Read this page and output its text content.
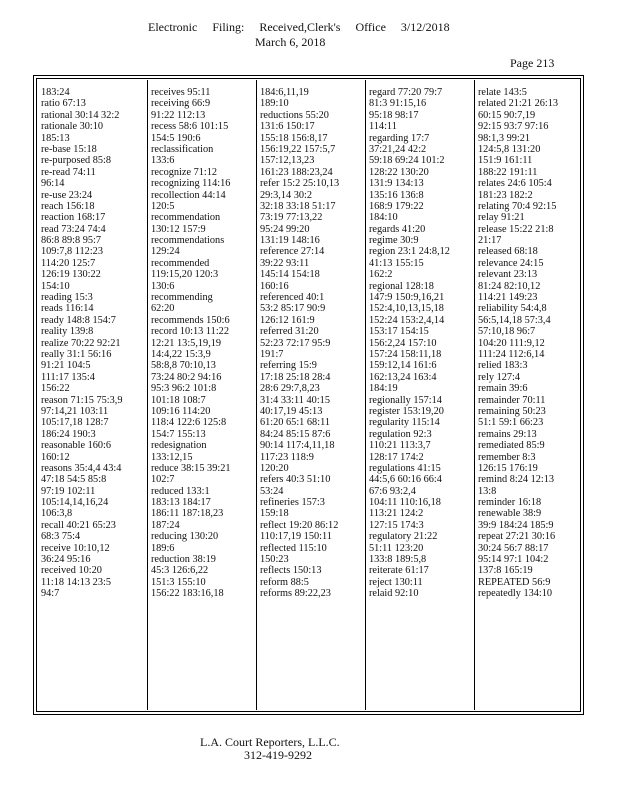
Electronic Filing: Received,Clerk's Office 3/12/2018
March 6, 2018
Page 213
183:24
ratio 67:13
rational 30:14 32:2
rationale 30:10
185:13
re-base 15:18
re-purposed 85:8
re-read 74:11
96:14
re-use 23:24
reach 156:18
reaction 168:17
read 73:24 74:4
86:8 89:8 95:7
109:7,8 112:23
114:20 125:7
126:19 130:22
154:10
reading 15:3
reads 116:14
ready 148:8 154:7
reality 139:8
realize 70:22 92:21
really 31:1 56:16
91:21 104:5
111:17 135:4
156:22
reason 71:15 75:3,9
97:14,21 103:11
105:17,18 128:7
186:24 190:3
reasonable 160:6
160:12
reasons 35:4,4 43:4
47:18 54:5 85:8
97:19 102:11
105:14,14,16,24
106:3,8
recall 40:21 65:23
68:3 75:4
receive 10:10,12
36:24 95:16
received 10:20
11:18 14:13 23:5
94:7
receives 95:11
receiving 66:9
91:22 112:13
recess 58:6 101:15
154:5 190:6
reclassification
133:6
recognize 71:12
recognizing 114:16
recollection 44:14
120:5
recommendation
130:12 157:9
recommendations
129:24
recommended
119:15,20 120:3
130:6
recommending
62:20
recommends 150:6
record 10:13 11:22
12:21 13:5,19,19
14:4,22 15:3,9
58:8,8 70:10,13
73:24 80:2 94:16
95:3 96:2 101:8
101:18 108:7
109:16 114:20
118:4 122:6 125:8
154:7 155:13
redesignation
133:12,15
reduce 38:15 39:21
102:7
reduced 133:1
183:13 184:17
186:11 187:18,23
187:24
reducing 130:20
189:6
reduction 38:19
45:3 126:6,22
151:3 155:10
156:22 183:16,18
184:6,11,19
189:10
reductions 55:20
131:6 150:17
155:18 156:8,17
156:19,22 157:5,7
157:12,13,23
161:23 188:23,24
refer 15:2 25:10,13
29:3,14 30:2
32:18 33:18 51:17
73:19 77:13,22
95:24 99:20
131:19 148:16
reference 27:14
39:22 93:11
145:14 154:18
160:16
referenced 40:1
53:2 85:17 90:9
126:12 161:9
referred 31:20
52:23 72:17 95:9
191:7
referring 15:9
17:18 25:18 28:4
28:6 29:7,8,23
31:4 33:11 40:15
40:17,19 45:13
61:20 65:1 68:11
84:24 85:15 87:6
90:14 117:4,11,18
117:23 118:9
120:20
refers 40:3 51:10
53:24
refineries 157:3
159:18
reflect 19:20 86:12
110:17,19 150:11
reflected 115:10
150:23
reflects 150:13
reform 88:5
reforms 89:22,23
regard 77:20 79:7
81:3 91:15,16
95:18 98:17
114:11
regarding 17:7
37:21,24 42:2
59:18 69:24 101:2
128:22 130:20
131:9 134:13
135:16 136:8
168:9 179:22
184:10
regards 41:20
regime 30:9
region 23:1 24:8,12
41:13 155:15
162:2
regional 128:18
147:9 150:9,16,21
152:4,10,13,15,18
152:24 153:2,4,14
153:17 154:15
156:2,24 157:10
157:24 158:11,18
159:12,14 161:6
162:13,24 163:4
184:19
regionally 157:14
register 153:19,20
regularity 115:14
regulation 92:3
110:21 113:3,7
128:17 174:2
regulations 41:15
44:5,6 60:16 66:4
67:6 93:2,4
104:11 110:16,18
113:21 124:2
127:15 174:3
regulatory 21:22
51:11 123:20
133:8 189:5,8
reiterate 61:17
reject 130:11
relaid 92:10
relate 143:5
related 21:21 26:13
60:15 90:7,19
92:15 93:7 97:16
98:1,3 99:21
124:5,8 131:20
151:9 161:11
188:22 191:11
relates 24:6 105:4
181:23 182:2
relating 70:4 92:15
relay 91:21
release 15:22 21:8
21:17
released 68:18
relevance 24:15
relevant 23:13
81:24 82:10,12
114:21 149:23
reliability 54:4,8
56:5,14,18 57:3,4
57:10,18 96:7
104:20 111:9,12
111:24 112:6,14
relied 183:3
rely 127:4
remain 39:6
remainder 70:11
remaining 50:23
51:1 59:1 66:23
remains 29:13
remediated 85:9
remember 8:3
126:15 176:19
remind 8:24 12:13
13:8
reminder 16:18
renewable 38:9
39:9 184:24 185:9
repeat 27:21 30:16
30:24 56:7 88:17
95:14 97:1 104:2
137:8 165:19
REPEATED 56:9
repeatedly 134:10
L.A. Court Reporters, L.L.C.
312-419-9292
